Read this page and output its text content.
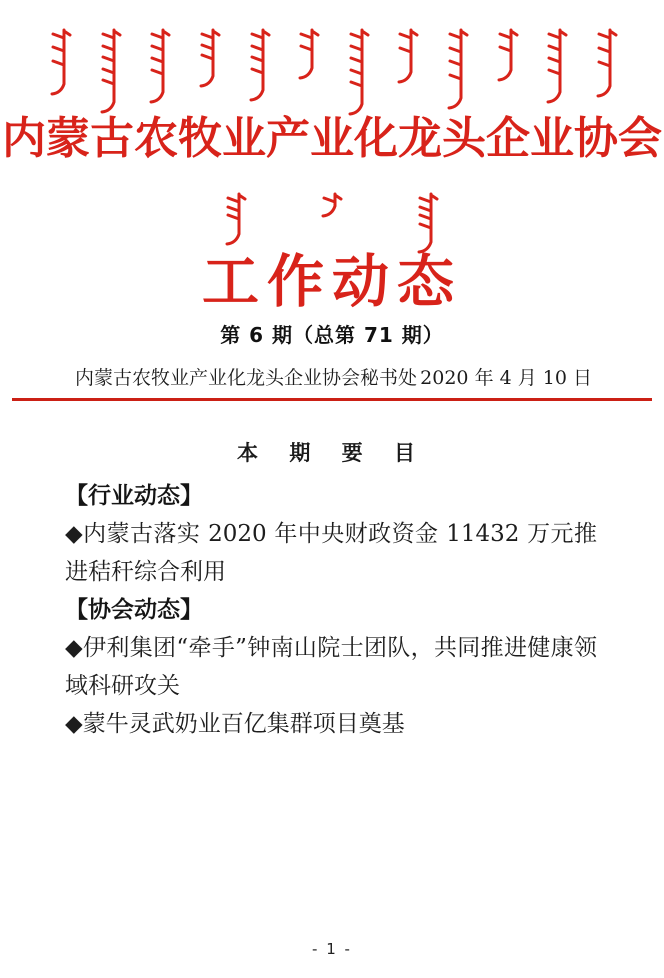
内蒙古农牧业产业化龙头企业协会
工作动态
第 6 期（总第 71 期）
内蒙古农牧业产业化龙头企业协会秘书处 2020 年 4 月 10 日
本 期 要 目
【行业动态】
◆内蒙古落实 2020 年中央财政资金 11432 万元推进秸秆综合利用
【协会动态】
◆伊利集团“牵手”钟南山院士团队，共同推进健康领域科研攻关
◆蒙牛灵武奶业百亿集群项目奠基
- 1 -
